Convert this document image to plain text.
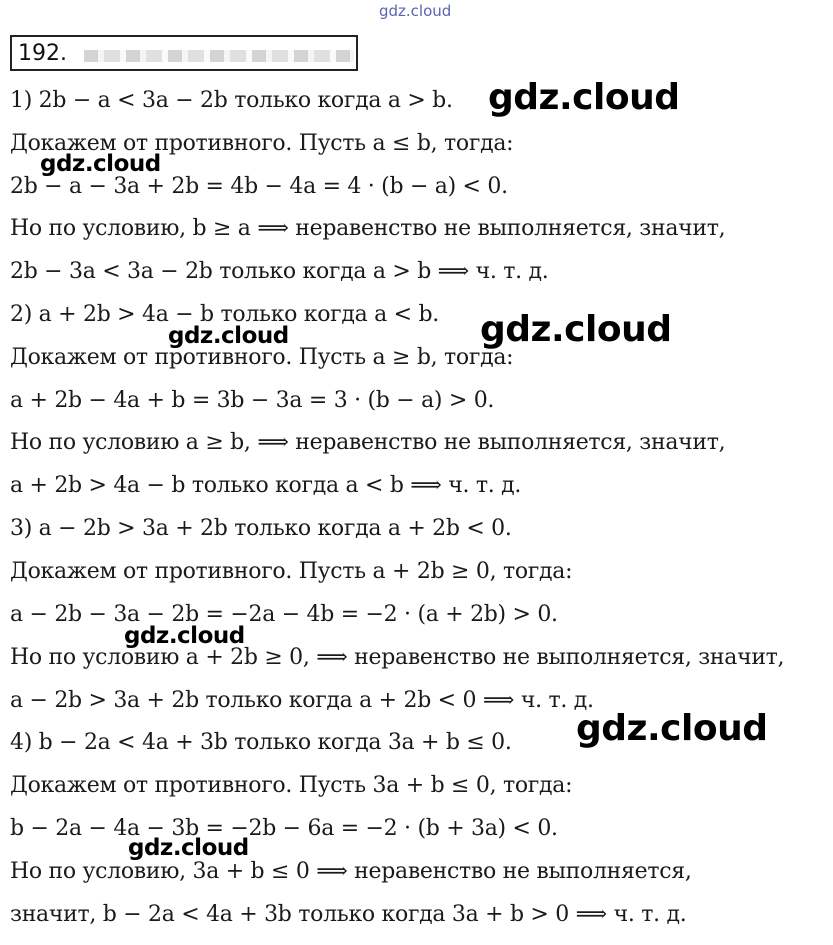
gdz.cloud
192.
1) 2b − a < 3a − 2b только когда a > b.
Докажем от противного. Пусть a ≤ b, тогда:
2b − a − 3a + 2b = 4b − 4a = 4 · (b − a) < 0.
Но по условию, b ≥ a ⟹ неравенство не выполняется, значит,
2b − 3a < 3a − 2b только когда a > b ⟹ ч. т. д.
2) a + 2b > 4a − b только когда a < b.
Докажем от противного. Пусть a ≥ b, тогда:
a + 2b − 4a + b = 3b − 3a = 3 · (b − a) > 0.
Но по условию a ≥ b, ⟹ неравенство не выполняется, значит,
a + 2b > 4a − b только когда a < b ⟹ ч. т. д.
3) a − 2b > 3a + 2b только когда a + 2b < 0.
Докажем от противного. Пусть a + 2b ≥ 0, тогда:
a − 2b − 3a − 2b = −2a − 4b = −2 · (a + 2b) > 0.
Но по условию a + 2b ≥ 0, ⟹ неравенство не выполняется, значит,
a − 2b > 3a + 2b только когда a + 2b < 0 ⟹ ч. т. д.
4) b − 2a < 4a + 3b только когда 3a + b ≤ 0.
Докажем от противного. Пусть 3a + b ≤ 0, тогда:
b − 2a − 4a − 3b = −2b − 6a = −2 · (b + 3a) < 0.
Но по условию, 3a + b ≤ 0 ⟹ неравенство не выполняется,
значит, b − 2a < 4a + 3b только когда 3a + b > 0 ⟹ ч. т. д.
gdz.cloud
gdz.cloud
gdz.cloud
gdz.cloud
gdz.cloud
gdz.cloud
gdz.cloud
